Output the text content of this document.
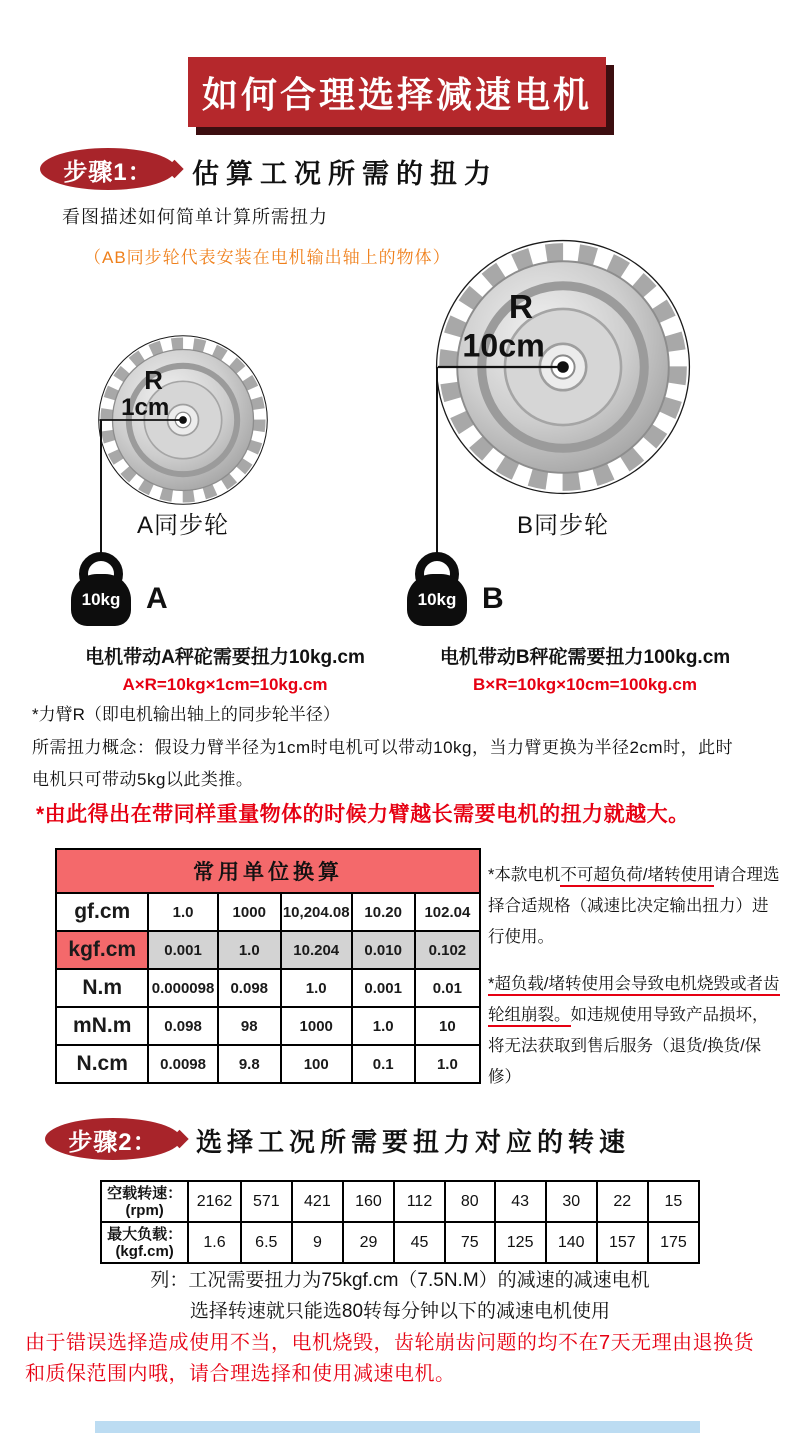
如何合理选择减速电机
步骤1： 估算工况所需的扭力
看图描述如何简单计算所需扭力
（AB同步轮代表安装在电机输出轴上的物体）
R
1cm
A同步轮
R
10cm
B同步轮
10kg A	10kg B
电机带动A秤砣需要扭力10kg.cm
A×R=10kg×1cm=10kg.cm
电机带动B秤砣需要扭力100kg.cm
B×R=10kg×10cm=100kg.cm
*力臂R（即电机输出轴上的同步轮半径）
所需扭力概念：假设力臂半径为1cm时电机可以带动10kg，当力臂更换为半径2cm时，此时
电机只可带动5kg以此类推。
*由此得出在带同样重量物体的时候力臂越长需要电机的扭力就越大。
常用单位换算					
gf.cm	1.0	1000	10,204.08	10.20	102.04
kgf.cm	0.001	1.0	10.204	0.010	0.102
N.m	0.000098	0.098	1.0	0.001	0.01
mN.m	0.098	98	1000	1.0	10
N.cm	0.0098	9.8	100	0.1	1.0
*本款电机不可超负荷/堵转使用请合理选择合适规格（减速比决定输出扭力）进行使用。
*超负载/堵转使用会导致电机烧毁或者齿轮组崩裂。如违规使用导致产品损坏，将无法获取到售后服务（退货/换货/保修）
步骤2： 选择工况所需要扭力对应的转速
空载转速：
(rpm)	2162	571	421	160	112	80	43	30	22	15
最大负载：
(kgf.cm)	1.6	6.5	9	29	45	75	125	140	157	175
列：工况需要扭力为75kgf.cm（7.5N.M）的减速的减速电机
选择转速就只能选80转每分钟以下的减速电机使用
由于错误选择造成使用不当，电机烧毁，齿轮崩齿问题的均不在7天无理由退换货和质保范围内哦，请合理选择和使用减速电机。
